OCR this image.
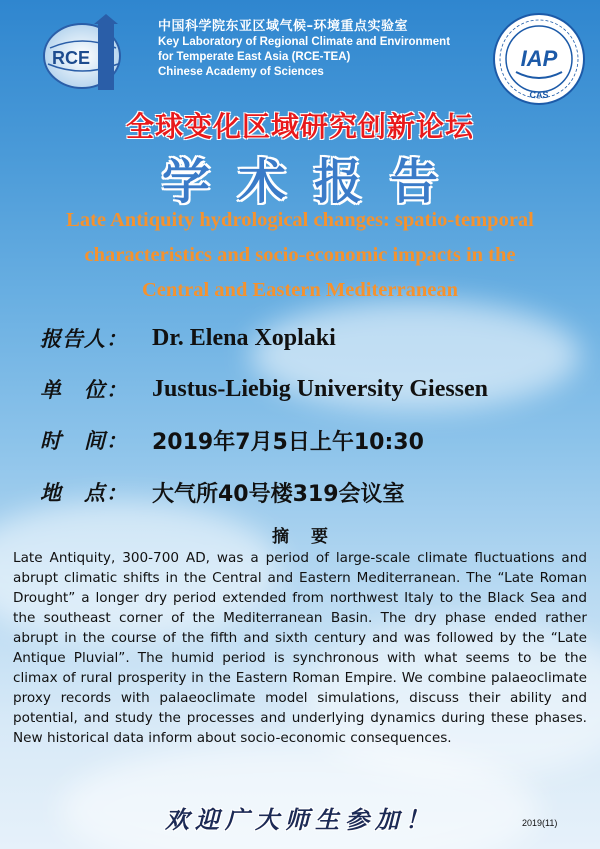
RCE
中国科学院东亚区域气候–环境重点实验室
Key Laboratory of Regional Climate and Environment
for Temperate East Asia (RCE-TEA)
Chinese Academy of Sciences
IAP
CAS
全球变化区域研究创新论坛
学术报告
Late Antiquity hydrological changes: spatio-temporal characteristics and socio-economic impacts in the Central and Eastern Mediterranean
报告人：	Dr. Elena Xoplaki
单　位：	Justus-Liebig University Giessen
时　间：	2019年7月5日上午10:30
地　点：	大气所40号楼319会议室
摘要
Late Antiquity, 300-700 AD, was a period of large-scale climate fluctuations and abrupt climatic shifts in the Central and Eastern Mediterranean. The “Late Roman Drought” a longer dry period extended from northwest Italy to the Black Sea and the southeast corner of the Mediterranean Basin. The dry phase ended rather abrupt in the course of the fifth and sixth century and was followed by the “Late Antique Pluvial”. The humid period is synchronous with what seems to be the climax of rural prosperity in the Eastern Roman Empire. We combine palaeoclimate proxy records with palaeoclimate model simulations, discuss their ability and potential, and study the processes and underlying dynamics during these phases. New historical data inform about socio-economic consequences.
欢迎广大师生参加！	2019(11)
